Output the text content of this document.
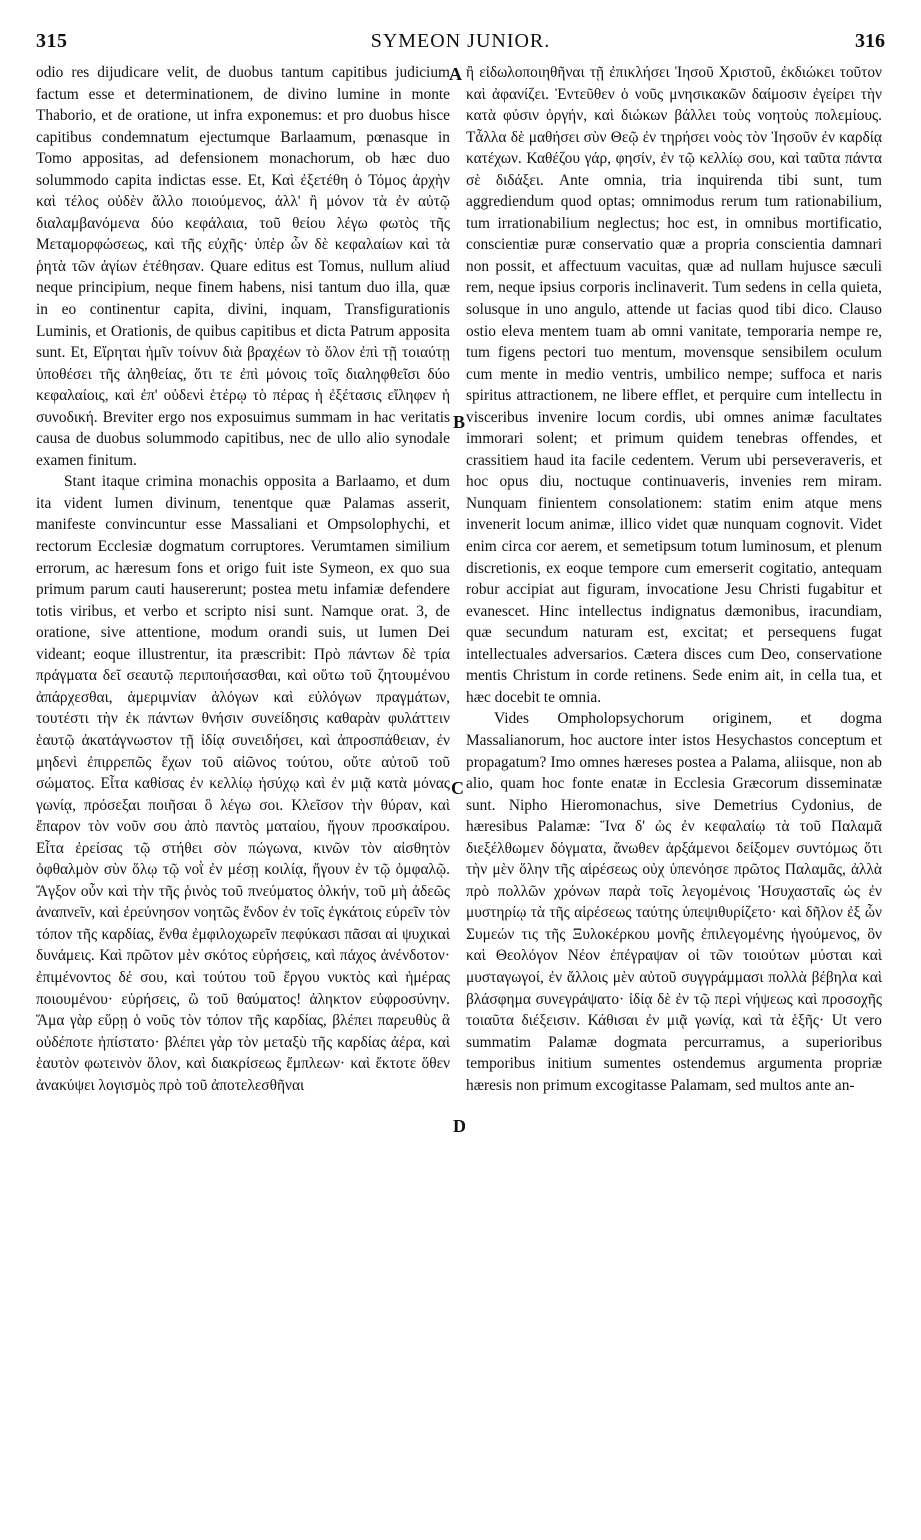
315	SYMEON JUNIOR.	316

odio res dijudicare velit, de duobus tantum capitibus judicium factum esse et determinationem, de divino lumine in monte Thaborio, et de oratione, ut infra exponemus: et pro duobus hisce capitibus condemnatum ejectumque Barlaamum, pœnasque in Tomo appositas, ad defensionem monachorum, ob hæc duo solummodo capita indictas esse. Et, Καὶ ἐξετέθη ὁ Τόμος ἀρχὴν καὶ τέλος οὐδὲν ἄλλο ποιούμενος, ἀλλ' ἢ μόνον τὰ ἐν αὐτῷ διαλαμβανόμενα δύο κεφάλαια, τοῦ θείου λέγω φωτὸς τῆς Μεταμορφώσεως, καὶ τῆς εὐχῆς· ὑπὲρ ὧν δὲ κεφαλαίων καὶ τὰ ῥητὰ τῶν ἁγίων ἐτέθησαν. Quare editus est Tomus, nullum aliud neque principium, neque finem habens, nisi tantum duo illa, quæ in eo continentur capita, divini, inquam, Transfigurationis Luminis, et Orationis, de quibus capitibus et dicta Patrum apposita sunt. Et, Εἴρηται ἡμῖν τοίνυν διὰ βραχέων τὸ ὅλον ἐπὶ τῇ τοιαύτῃ ὑποθέσει τῆς ἀληθείας, ὅτι τε ἐπὶ μόνοις τοῖς διαληφθεῖσι δύο κεφαλαίοις, καὶ ἐπ' οὐδενὶ ἑτέρῳ τὸ πέρας ἡ ἐξέτασις εἴληφεν ἡ συνοδική. Breviter ergo nos exposuimus summam in hac veritatis causa de duobus solummodo capitibus, nec de ullo alio synodale examen finitum.

Stant itaque crimina monachis opposita a Barlaamo, et dum ita vident lumen divinum, tenentque quæ Palamas asserit, manifeste convincuntur esse Massaliani et Ompsolophychi, et rectorum Ecclesiæ dogmatum corruptores. Verumtamen similium errorum, ac hæresum fons et origo fuit iste Symeon, ex quo sua primum parum cauti hausererunt; postea metu infamiæ defendere totis viribus, et verbo et scripto nisi sunt. Namque orat. 3, de oratione, sive attentione, modum orandi suis, ut lumen Dei videant; eoque illustrentur, ita præscribit: Πρὸ πάντων δὲ τρία πράγματα δεῖ σεαυτῷ περιποιήσασθαι, καὶ οὕτω τοῦ ζητουμένου ἀπάρχεσθαι, ἀμεριμνίαν ἀλόγων καὶ εὐλόγων πραγμάτων, τουτέστι τὴν ἐκ πάντων θνήσιν συνείδησις καθαρὰν φυλάττειν ἑαυτῷ ἀκατάγνωστον τῇ ἰδίᾳ συνειδήσει, καὶ ἀπροσπάθειαν, ἐν μηδενὶ ἐπιρρεπῶς ἔχων τοῦ αἰῶνος τούτου, οὔτε αὐτοῦ τοῦ σώματος. Εἶτα καθίσας ἐν κελλίῳ ἡσύχῳ καὶ ἐν μιᾷ κατὰ μόνας γωνίᾳ, πρόσεξαι ποιῆσαι ὃ λέγω σοι. Κλεῖσον τὴν θύραν, καὶ ἔπαρον τὸν νοῦν σου ἀπὸ παντὸς ματαίου, ἤγουν προσκαίρου. Εἶτα ἐρείσας τῷ στήθει σὸν πώγωνα, κινῶν τὸν αἰσθητὸν ὀφθαλμὸν σὺν ὅλῳ τῷ νοῒ ἐν μέσῃ κοιλίᾳ, ἤγουν ἐν τῷ ὀμφαλῷ. Ἄγξον οὖν καὶ τὴν τῆς ῥινὸς τοῦ πνεύματος ὁλκήν, τοῦ μὴ ἀδεῶς ἀναπνεῖν, καὶ ἐρεύνησον νοητῶς ἔνδον ἐν τοῖς ἐγκάτοις εὑρεῖν τὸν τόπον τῆς καρδίας, ἔνθα ἐμφιλοχωρεῖν πεφύκασι πᾶσαι αἱ ψυχικαὶ δυνάμεις. Καὶ πρῶτον μὲν σκότος εὑρήσεις, καὶ πάχος ἀνένδοτον· ἐπιμένοντος δέ σου, καὶ τούτου τοῦ ἔργου νυκτὸς καὶ ἡμέρας ποιουμένου· εὑρήσεις, ὢ τοῦ θαύματος! ἀληκτον εὐφροσύνην. Ἅμα γὰρ εὕρῃ ὁ νοῦς τὸν τόπον τῆς καρδίας, βλέπει παρευθὺς ἃ οὐδέποτε ἠπίστατο· βλέπει γὰρ τὸν μεταξὺ τῆς καρδίας ἀέρα, καὶ ἑαυτὸν φωτεινὸν ὅλον, καὶ διακρίσεως ἔμπλεων· καὶ ἔκτοτε ὅθεν ἀνακύψει λογισμὸς πρὸ τοῦ ἀποτελεσθῆναι

A
B
C
D

ἢ εἰδωλοποιηθῆναι τῇ ἐπικλήσει Ἰησοῦ Χριστοῦ, ἐκδιώκει τοῦτον καὶ ἀφανίζει. Ἐντεῦθεν ὁ νοῦς μνησικακῶν δαίμοσιν ἐγείρει τὴν κατὰ φύσιν ὀργήν, καὶ διώκων βάλλει τοὺς νοητοὺς πολεμίους. Τἆλλα δὲ μαθήσει σὺν Θεῷ ἐν τηρήσει νοὸς τὸν Ἰησοῦν ἐν καρδίᾳ κατέχων. Καθέζου γάρ, φησίν, ἐν τῷ κελλίῳ σου, καὶ ταῦτα πάντα σὲ διδάξει. Ante omnia, tria inquirenda tibi sunt, tum aggrediendum quod optas; omnimodus rerum tum rationabilium, tum irrationabilium neglectus; hoc est, in omnibus mortificatio, conscientiæ puræ conservatio quæ a propria conscientia damnari non possit, et affectuum vacuitas, quæ ad nullam hujusce sæculi rem, neque ipsius corporis inclinaverit. Tum sedens in cella quieta, solusque in uno angulo, attende ut facias quod tibi dico. Clauso ostio eleva mentem tuam ab omni vanitate, temporaria nempe re, tum figens pectori tuo mentum, movensque sensibilem oculum cum mente in medio ventris, umbilico nempe; suffoca et naris spiritus attractionem, ne libere efflet, et perquire cum intellectu in visceribus invenire locum cordis, ubi omnes animæ facultates immorari solent; et primum quidem tenebras offendes, et crassitiem haud ita facile cedentem. Verum ubi perseveraveris, et hoc opus diu, noctuque continuaveris, invenies rem miram. Nunquam finientem consolationem: statim enim atque mens invenerit locum animæ, illico videt quæ nunquam cognovit. Videt enim circa cor aerem, et semetipsum totum luminosum, et plenum discretionis, ex eoque tempore cum emerserit cogitatio, antequam robur accipiat aut figuram, invocatione Jesu Christi fugabitur et evanescet. Hinc intellectus indignatus dæmonibus, iracundiam, quæ secundum naturam est, excitat; et persequens fugat intellectuales adversarios. Cætera disces cum Deo, conservatione mentis Christum in corde retinens. Sede enim ait, in cella tua, et hæc docebit te omnia.

Vides Ompholopsychorum originem, et dogma Massalianorum, hoc auctore inter istos Hesychastos conceptum et propagatum? Imo omnes hæreses postea a Palama, aliisque, non ab alio, quam hoc fonte enatæ in Ecclesia Græcorum disseminatæ sunt. Nipho Hieromonachus, sive Demetrius Cydonius, de hæresibus Palamæ: Ἵνα δ' ὡς ἐν κεφαλαίῳ τὰ τοῦ Παλαμᾶ διεξέλθωμεν δόγματα, ἄνωθεν ἀρξάμενοι δείξομεν συντόμως ὅτι τὴν μὲν ὅλην τῆς αἱρέσεως οὐχ ὑπενόησε πρῶτος Παλαμᾶς, ἀλλὰ πρὸ πολλῶν χρόνων παρὰ τοῖς λεγομένοις Ἡσυχασταῖς ὡς ἐν μυστηρίῳ τὰ τῆς αἱρέσεως ταύτης ὑπεψιθυρίζετο· καὶ δῆλον ἐξ ὧν Συμεών τις τῆς Ξυλοκέρκου μονῆς ἐπιλεγομένης ἡγούμενος, ὃν καὶ Θεολόγον Νέον ἐπέγραψαν οἱ τῶν τοιούτων μύσται καὶ μυσταγωγοί, ἐν ἄλλοις μὲν αὐτοῦ συγγράμμασι πολλὰ βέβηλα καὶ βλάσφημα συνεγράψατο· ἰδίᾳ δὲ ἐν τῷ περὶ νήψεως καὶ προσοχῆς τοιαῦτα διέξεισιν. Κάθισαι ἐν μιᾷ γωνίᾳ, καὶ τὰ ἑξῆς· Ut vero summatim Palamæ dogmata percurramus, a superioribus temporibus initium sumentes ostendemus argumenta propriæ hæresis non primum excogitasse Palamam, sed multos ante an-
